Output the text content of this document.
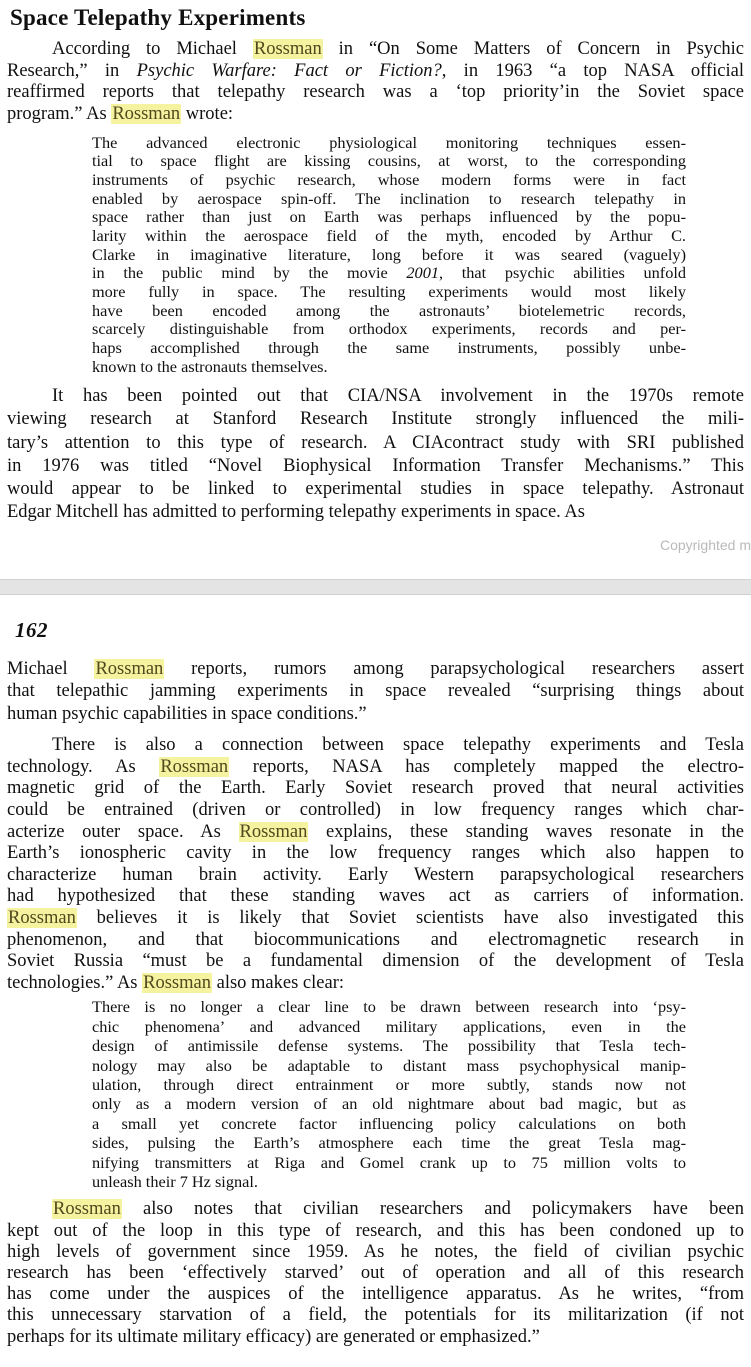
Space Telepathy Experiments
According to Michael Rossman in “On Some Matters of Concern in Psychic
Research,” in Psychic Warfare: Fact or Fiction?, in 1963 “a top NASA official
reaffirmed reports that telepathy research was a ‘top priority’in the Soviet space
program.” As Rossman wrote:
The advanced electronic physiological monitoring techniques essen-
tial to space flight are kissing cousins, at worst, to the corresponding
instruments of psychic research, whose modern forms were in fact
enabled by aerospace spin-off. The inclination to research telepathy in
space rather than just on Earth was perhaps influenced by the popu-
larity within the aerospace field of the myth, encoded by Arthur C.
Clarke in imaginative literature, long before it was seared (vaguely)
in the public mind by the movie 2001, that psychic abilities unfold
more fully in space. The resulting experiments would most likely
have been encoded among the astronauts’ biotelemetric records,
scarcely distinguishable from orthodox experiments, records and per-
haps accomplished through the same instruments, possibly unbe-
known to the astronauts themselves.
It has been pointed out that CIA/NSA involvement in the 1970s remote
viewing research at Stanford Research Institute strongly influenced the mili-
tary’s attention to this type of research. A CIAcontract study with SRI published
in 1976 was titled “Novel Biophysical Information Transfer Mechanisms.” This
would appear to be linked to experimental studies in space telepathy. Astronaut
Edgar Mitchell has admitted to performing telepathy experiments in space. As
Copyrighted m
162
Michael Rossman reports, rumors among parapsychological researchers assert
that telepathic jamming experiments in space revealed “surprising things about
human psychic capabilities in space conditions.”
There is also a connection between space telepathy experiments and Tesla
technology. As Rossman reports, NASA has completely mapped the electro-
magnetic grid of the Earth. Early Soviet research proved that neural activities
could be entrained (driven or controlled) in low frequency ranges which char-
acterize outer space. As Rossman explains, these standing waves resonate in the
Earth’s ionospheric cavity in the low frequency ranges which also happen to
characterize human brain activity. Early Western parapsychological researchers
had hypothesized that these standing waves act as carriers of information.
Rossman believes it is likely that Soviet scientists have also investigated this
phenomenon, and that biocommunications and electromagnetic research in
Soviet Russia “must be a fundamental dimension of the development of Tesla
technologies.” As Rossman also makes clear:
There is no longer a clear line to be drawn between research into ‘psy-
chic phenomena’ and advanced military applications, even in the
design of antimissile defense systems. The possibility that Tesla tech-
nology may also be adaptable to distant mass psychophysical manip-
ulation, through direct entrainment or more subtly, stands now not
only as a modern version of an old nightmare about bad magic, but as
a small yet concrete factor influencing policy calculations on both
sides, pulsing the Earth’s atmosphere each time the great Tesla mag-
nifying transmitters at Riga and Gomel crank up to 75 million volts to
unleash their 7 Hz signal.
Rossman also notes that civilian researchers and policymakers have been
kept out of the loop in this type of research, and this has been condoned up to
high levels of government since 1959. As he notes, the field of civilian psychic
research has been ‘effectively starved’ out of operation and all of this research
has come under the auspices of the intelligence apparatus. As he writes, “from
this unnecessary starvation of a field, the potentials for its militarization (if not
perhaps for its ultimate military efficacy) are generated or emphasized.”
